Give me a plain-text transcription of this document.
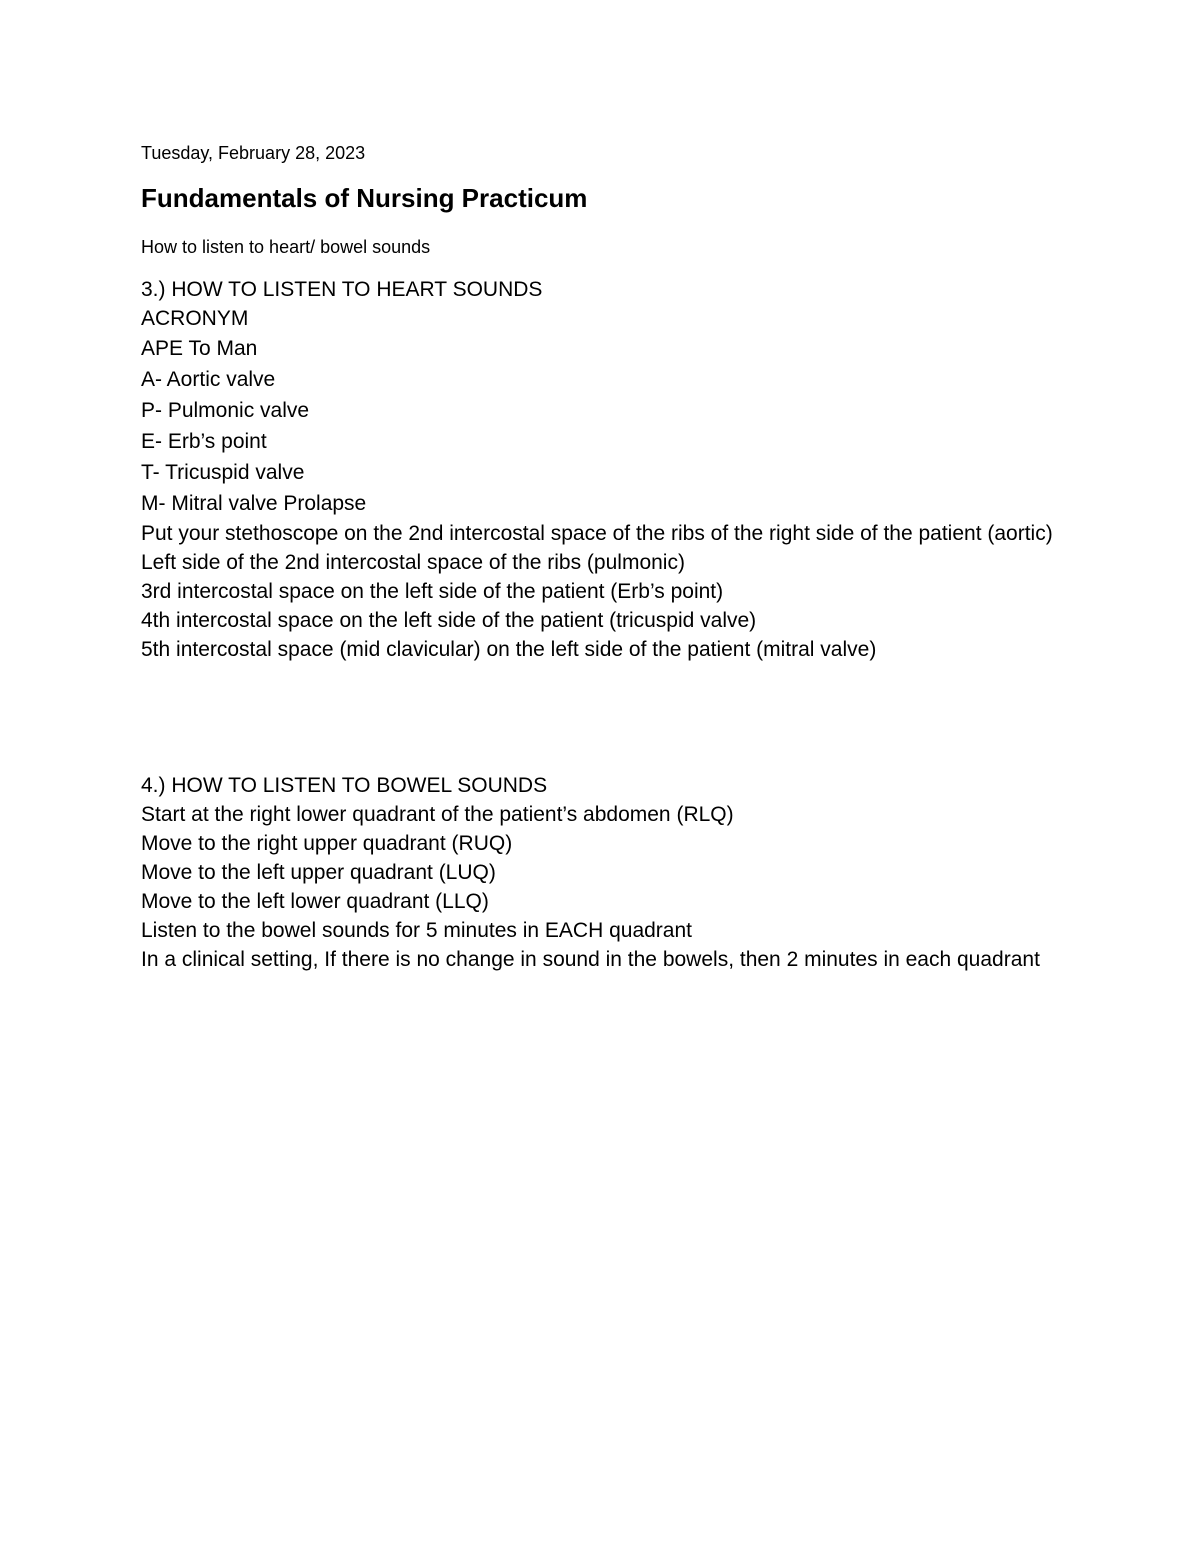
Tuesday, February 28, 2023

Fundamentals of Nursing Practicum

How to listen to heart/ bowel sounds

3.) HOW TO LISTEN TO HEART SOUNDS
ACRONYM
APE To Man
A- Aortic valve
P- Pulmonic valve
E- Erb’s point
T- Tricuspid valve
M- Mitral valve Prolapse
Put your stethoscope on the 2nd intercostal space of the ribs of the right side of the patient (aortic)
Left side of the 2nd intercostal space of the ribs (pulmonic)
3rd intercostal space on the left side of the patient (Erb’s point)
4th intercostal space on the left side of the patient (tricuspid valve)
5th intercostal space (mid clavicular) on the left side of the patient (mitral valve)
4.) HOW TO LISTEN TO BOWEL SOUNDS
Start at the right lower quadrant of the patient’s abdomen (RLQ)
Move to the right upper quadrant (RUQ)
Move to the left upper quadrant (LUQ)
Move to the left lower quadrant (LLQ)
Listen to the bowel sounds for 5 minutes in EACH quadrant
In a clinical setting, If there is no change in sound in the bowels, then 2 minutes in each quadrant
